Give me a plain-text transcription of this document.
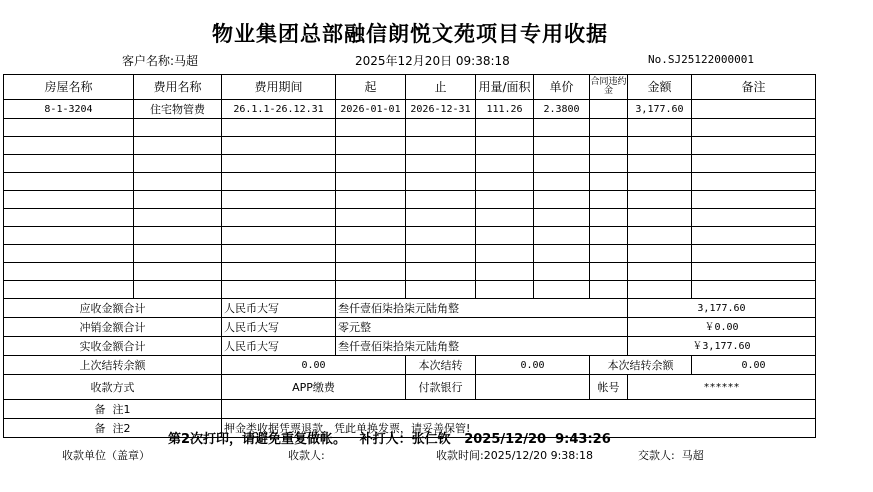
物业集团总部融信朗悦文苑项目专用收据
客户名称:马超	2025年12月20日 09:38:18	No.SJ25122000001
房屋名称	费用名称	费用期间	起	止	用量/面积	单价	合同违约金	金额	备注
8-1-3204	住宅物管费	26.1.1-26.12.31	2026-01-01	2026-12-31	111.26	2.3800		3,177.60	

应收金额合计		人民币大写	叁仟壹佰柒拾柒元陆角整					3,177.60	
冲销金额合计		人民币大写	零元整					￥0.00	
实收金额合计		人民币大写	叁仟壹佰柒拾柒元陆角整					￥3,177.60	
上次结转余额		0.00		本次结转	0.00		本次结转余额		0.00
收款方式		APP缴费		付款银行			帐号	******	
备  注1									
备  注2		押金类收据凭票退款，凭此单换发票，请妥善保管!							
第2次打印，请避免重复做帐。   补打人：张仁钦   2025/12/20  9:43:26
收款单位（盖章）	收款人:	收款时间:2025/12/20 9:38:18	交款人:  马超
